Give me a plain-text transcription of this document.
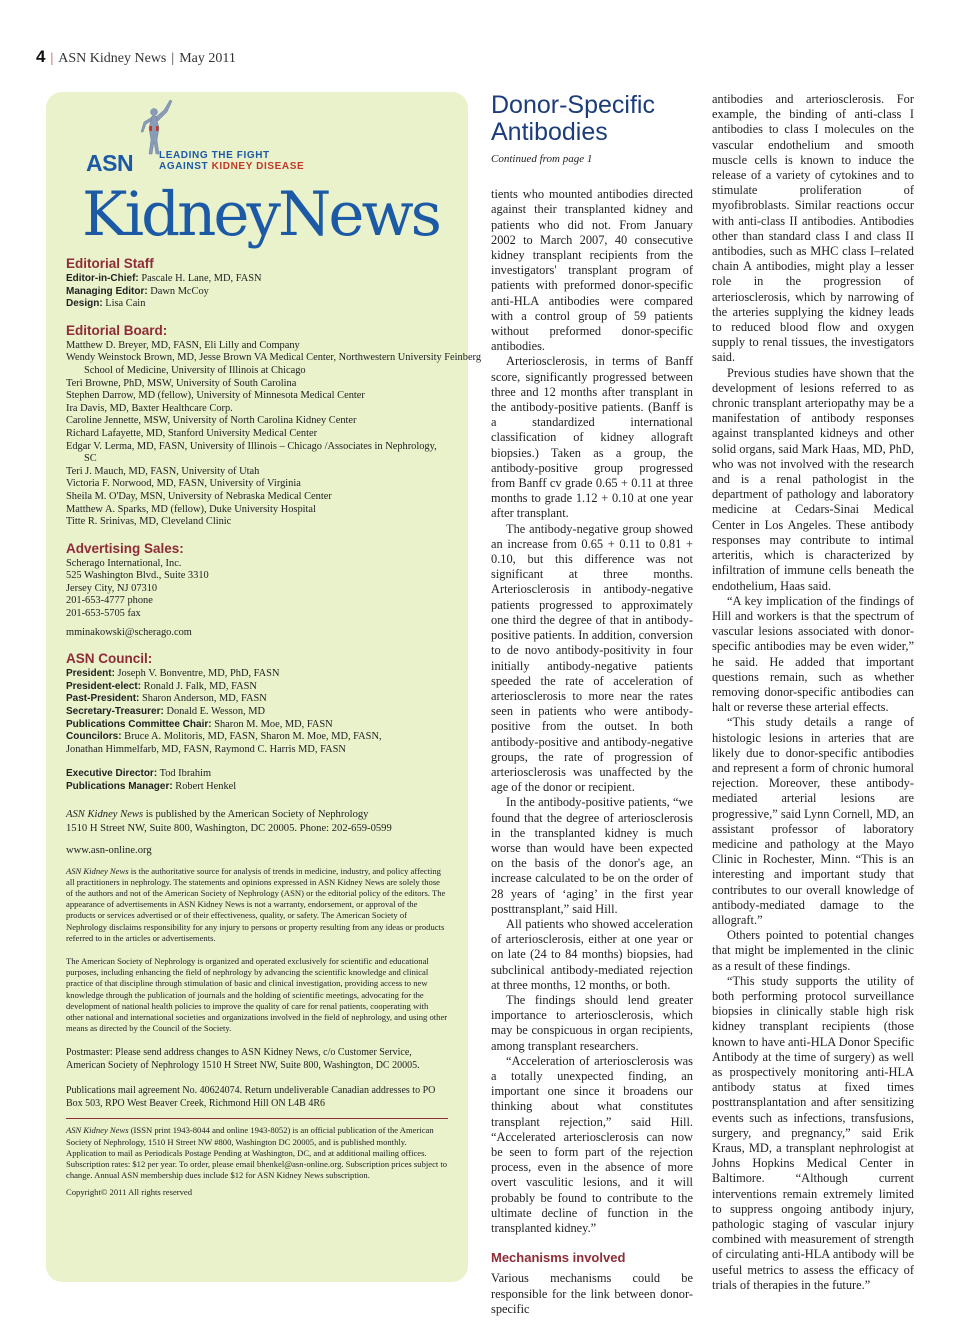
4 | ASN Kidney News | May 2011
ASN	LEADING THE FIGHT
AGAINST KIDNEY DISEASE
KidneyNews
Editorial Staff
Editor-in-Chief: Pascale H. Lane, MD, FASN
Managing Editor: Dawn McCoy
Design: Lisa Cain
Editorial Board:
Matthew D. Breyer, MD, FASN, Eli Lilly and Company
Wendy Weinstock Brown, MD, Jesse Brown VA Medical Center, Northwestern University Feinberg
School of Medicine, University of Illinois at Chicago
Teri Browne, PhD, MSW, University of South Carolina
Stephen Darrow, MD (fellow), University of Minnesota Medical Center
Ira Davis, MD, Baxter Healthcare Corp.
Caroline Jennette, MSW, University of North Carolina Kidney Center
Richard Lafayette, MD, Stanford University Medical Center
Edgar V. Lerma, MD, FASN, University of Illinois – Chicago /Associates in Nephrology,
SC
Teri J. Mauch, MD, FASN, University of Utah
Victoria F. Norwood, MD, FASN, University of Virginia
Sheila M. O'Day, MSN, University of Nebraska Medical Center
Matthew A. Sparks, MD (fellow), Duke University Hospital
Titte R. Srinivas, MD, Cleveland Clinic
Advertising Sales:
Scherago International, Inc.
525 Washington Blvd., Suite 3310
Jersey City, NJ 07310
201-653-4777 phone
201-653-5705 fax
mminakowski@scherago.com
ASN Council:
President: Joseph V. Bonventre, MD, PhD, FASN
President-elect: Ronald J. Falk, MD, FASN
Past-President: Sharon Anderson, MD, FASN
Secretary-Treasurer: Donald E. Wesson, MD
Publications Committee Chair: Sharon M. Moe, MD, FASN
Councilors: Bruce A. Molitoris, MD, FASN, Sharon M. Moe, MD, FASN,
Jonathan Himmelfarb, MD, FASN, Raymond C. Harris MD, FASN
Executive Director: Tod Ibrahim
Publications Manager: Robert Henkel

ASN Kidney News is published by the American Society of Nephrology
1510 H Street NW, Suite 800, Washington, DC 20005. Phone: 202-659-0599

www.asn-online.org

ASN Kidney News is the authoritative source for analysis of trends in medicine, industry, and policy affecting all practitioners in nephrology. The statements and opinions expressed in ASN Kidney News are solely those of the authors and not of the American Society of Nephrology (ASN) or the editorial policy of the editors. The appearance of advertisements in ASN Kidney News is not a warranty, endorsement, or approval of the products or services advertised or of their effectiveness, quality, or safety. The American Society of Nephrology disclaims responsibility for any injury to persons or property resulting from any ideas or products referred to in the articles or advertisements.

The American Society of Nephrology is organized and operated exclusively for scientific and educational purposes, including enhancing the field of nephrology by advancing the scientific knowledge and clinical practice of that discipline through stimulation of basic and clinical investigation, providing access to new knowledge through the publication of journals and the holding of scientific meetings, advocating for the development of national health policies to improve the quality of care for renal patients, cooperating with other national and international societies and organizations involved in the field of nephrology, and using other means as directed by the Council of the Society.

Postmaster: Please send address changes to ASN Kidney News, c/o Customer Service, American Society of Nephrology 1510 H Street NW, Suite 800, Washington, DC 20005.

Publications mail agreement No. 40624074. Return undeliverable Canadian addresses to PO Box 503, RPO West Beaver Creek, Richmond Hill ON L4B 4R6

ASN Kidney News (ISSN print 1943-8044 and online 1943-8052) is an official publication of the American Society of Nephrology, 1510 H Street NW #800, Washington DC 20005, and is published monthly. Application to mail as Periodicals Postage Pending at Washington, DC, and at additional mailing offices. Subscription rates: $12 per year. To order, please email bhenkel@asn-online.org. Subscription prices subject to change. Annual ASN membership dues include $12 for ASN Kidney News subscription.

Copyright© 2011 All rights reserved
Donor-Specific Antibodies
Continued from page 1

tients who mounted antibodies directed against their transplanted kidney and patients who did not. From January 2002 to March 2007, 40 consecutive kidney transplant recipients from the investigators' transplant program of patients with preformed donor-specific anti-HLA antibodies were compared with a control group of 59 patients without preformed donor-specific antibodies.

Arteriosclerosis, in terms of Banff score, significantly progressed between three and 12 months after transplant in the antibody-positive patients. (Banff is a standardized international classification of kidney allograft biopsies.) Taken as a group, the antibody-positive group progressed from Banff cv grade 0.65 + 0.11 at three months to grade 1.12 + 0.10 at one year after transplant.

The antibody-negative group showed an increase from 0.65 + 0.11 to 0.81 + 0.10, but this difference was not significant at three months. Arteriosclerosis in antibody-negative patients progressed to approximately one third the degree of that in antibody-positive patients. In addition, conversion to de novo antibody-positivity in four initially antibody-negative patients speeded the rate of acceleration of arteriosclerosis to more near the rates seen in patients who were antibody-positive from the outset. In both antibody-positive and antibody-negative groups, the rate of progression of arteriosclerosis was unaffected by the age of the donor or recipient.

In the antibody-positive patients, “we found that the degree of arteriosclerosis in the transplanted kidney is much worse than would have been expected on the basis of the donor's age, an increase calculated to be on the order of 28 years of ‘aging’ in the first year posttransplant,” said Hill.

All patients who showed acceleration of arteriosclerosis, either at one year or on late (24 to 84 months) biopsies, had subclinical antibody-mediated rejection at three months, 12 months, or both.

The findings should lend greater importance to arteriosclerosis, which may be conspicuous in organ recipients, among transplant researchers.

“Acceleration of arteriosclerosis was a totally unexpected finding, an important one since it broadens our thinking about what constitutes transplant rejection,” said Hill. “Accelerated arteriosclerosis can now be seen to form part of the rejection process, even in the absence of more overt vasculitic lesions, and it will probably be found to contribute to the ultimate decline of function in the transplanted kidney.”

Mechanisms involved

Various mechanisms could be responsible for the link between donor-specific

antibodies and arteriosclerosis. For example, the binding of anti-class I antibodies to class I molecules on the vascular endothelium and smooth muscle cells is known to induce the release of a variety of cytokines and to stimulate proliferation of myofibroblasts. Similar reactions occur with anti-class II antibodies. Antibodies other than standard class I and class II antibodies, such as MHC class I–related chain A antibodies, might play a lesser role in the progression of arteriosclerosis, which by narrowing of the arteries supplying the kidney leads to reduced blood flow and oxygen supply to renal tissues, the investigators said.

Previous studies have shown that the development of lesions referred to as chronic transplant arteriopathy may be a manifestation of antibody responses against transplanted kidneys and other solid organs, said Mark Haas, MD, PhD, who was not involved with the research and is a renal pathologist in the department of pathology and laboratory medicine at Cedars-Sinai Medical Center in Los Angeles. These antibody responses may contribute to intimal arteritis, which is characterized by infiltration of immune cells beneath the endothelium, Haas said.

“A key implication of the findings of Hill and workers is that the spectrum of vascular lesions associated with donor-specific antibodies may be even wider,” he said. He added that important questions remain, such as whether removing donor-specific antibodies can halt or reverse these arterial effects.

“This study details a range of histologic lesions in arteries that are likely due to donor-specific antibodies and represent a form of chronic humoral rejection. Moreover, these antibody-mediated arterial lesions are progressive,” said Lynn Cornell, MD, an assistant professor of laboratory medicine and pathology at the Mayo Clinic in Rochester, Minn. “This is an interesting and important study that contributes to our overall knowledge of antibody-mediated damage to the allograft.”

Others pointed to potential changes that might be implemented in the clinic as a result of these findings.

“This study supports the utility of both performing protocol surveillance biopsies in clinically stable high risk kidney transplant recipients (those known to have anti-HLA Donor Specific Antibody at the time of surgery) as well as prospectively monitoring anti-HLA antibody status at fixed times posttransplantation and after sensitizing events such as infections, transfusions, surgery, and pregnancy,” said Erik Kraus, MD, a transplant nephrologist at Johns Hopkins Medical Center in Baltimore. “Although current interventions remain extremely limited to suppress ongoing antibody injury, pathologic staging of vascular injury combined with measurement of strength of circulating anti-HLA antibody will be useful metrics to assess the efficacy of trials of therapies in the future.”
